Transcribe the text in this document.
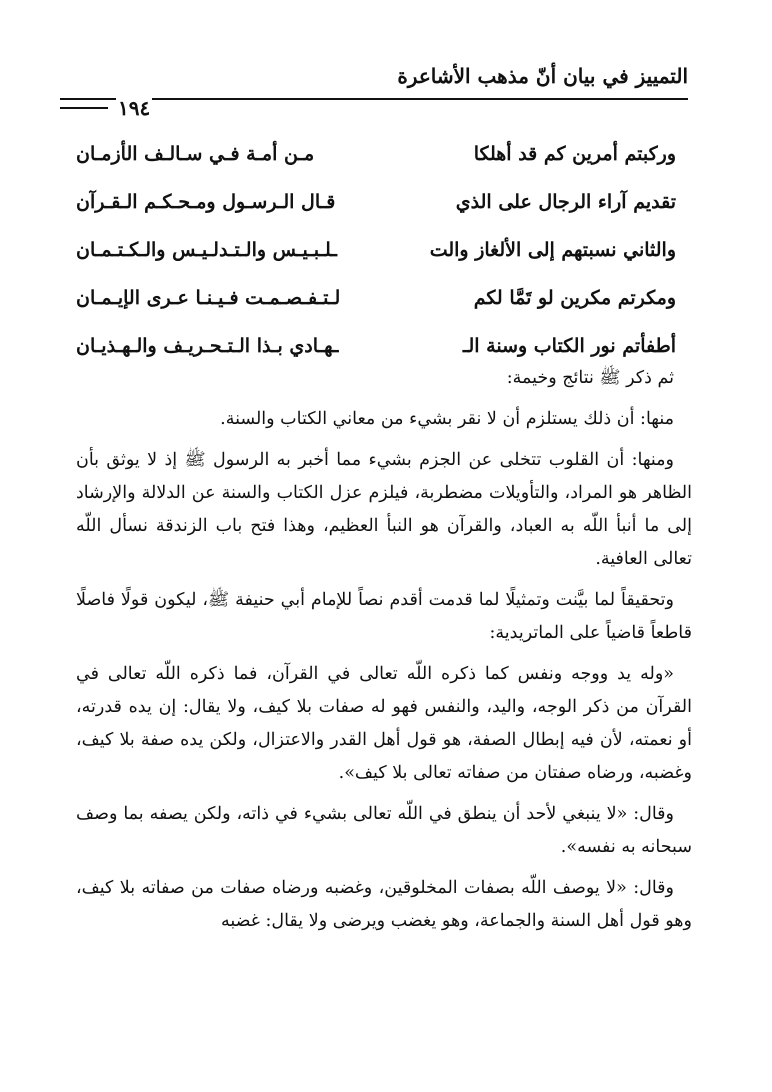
التمييز في بيان أنّ مذهب الأشاعرة
١٩٤
وركبتم أمرين كم قد أهلكا
مـن أمـة فـي سـالـف الأزمـان
تقديم آراء الرجال على الذي
قـال الـرسـول ومـحـكـم الـقـرآن
والثاني نسبتهم إلى الألغاز والت
ـلـبـيـس والـتـدلـيـس والـكـتـمـان
ومكرتم مكرين لو تَمَّا لكم
لـتـفـصـمـت فـيـنـا عـرى الإيـمـان
أطفأتم نور الكتاب وسنة الـ
ـهـادي بـذا الـتـحـريـف والـهـذيـان

ثم ذكر ﷺ نتائج وخيمة:

منها: أن ذلك يستلزم أن لا نقر بشيء من معاني الكتاب والسنة.

ومنها: أن القلوب تتخلى عن الجزم بشيء مما أخبر به الرسول ﷺ إذ لا يوثق بأن الظاهر هو المراد، والتأويلات مضطربة، فيلزم عزل الكتاب والسنة عن الدلالة والإرشاد إلى ما أنبأ اللّه به العباد، والقرآن هو النبأ العظيم، وهذا فتح باب الزندقة نسأل اللّه تعالى العافية.

وتحقيقاً لما بيَّنت وتمثيلًا لما قدمت أقدم نصاً للإمام أبي حنيفة ﷺ، ليكون قولًا فاصلًا قاطعاً قاضياً على الماتريدية:

«وله يد ووجه ونفس كما ذكره اللّه تعالى في القرآن، فما ذكره اللّه تعالى في القرآن من ذكر الوجه، واليد، والنفس فهو له صفات بلا كيف، ولا يقال: إن يده قدرته، أو نعمته، لأن فيه إبطال الصفة، هو قول أهل القدر والاعتزال، ولكن يده صفة بلا كيف، وغضبه، ورضاه صفتان من صفاته تعالى بلا كيف».

وقال: «لا ينبغي لأحد أن ينطق في اللّه تعالى بشيء في ذاته، ولكن يصفه بما وصف سبحانه به نفسه».

وقال: «لا يوصف اللّه بصفات المخلوقين، وغضبه ورضاه صفات من صفاته بلا كيف، وهو قول أهل السنة والجماعة، وهو يغضب ويرضى ولا يقال: غضبه
